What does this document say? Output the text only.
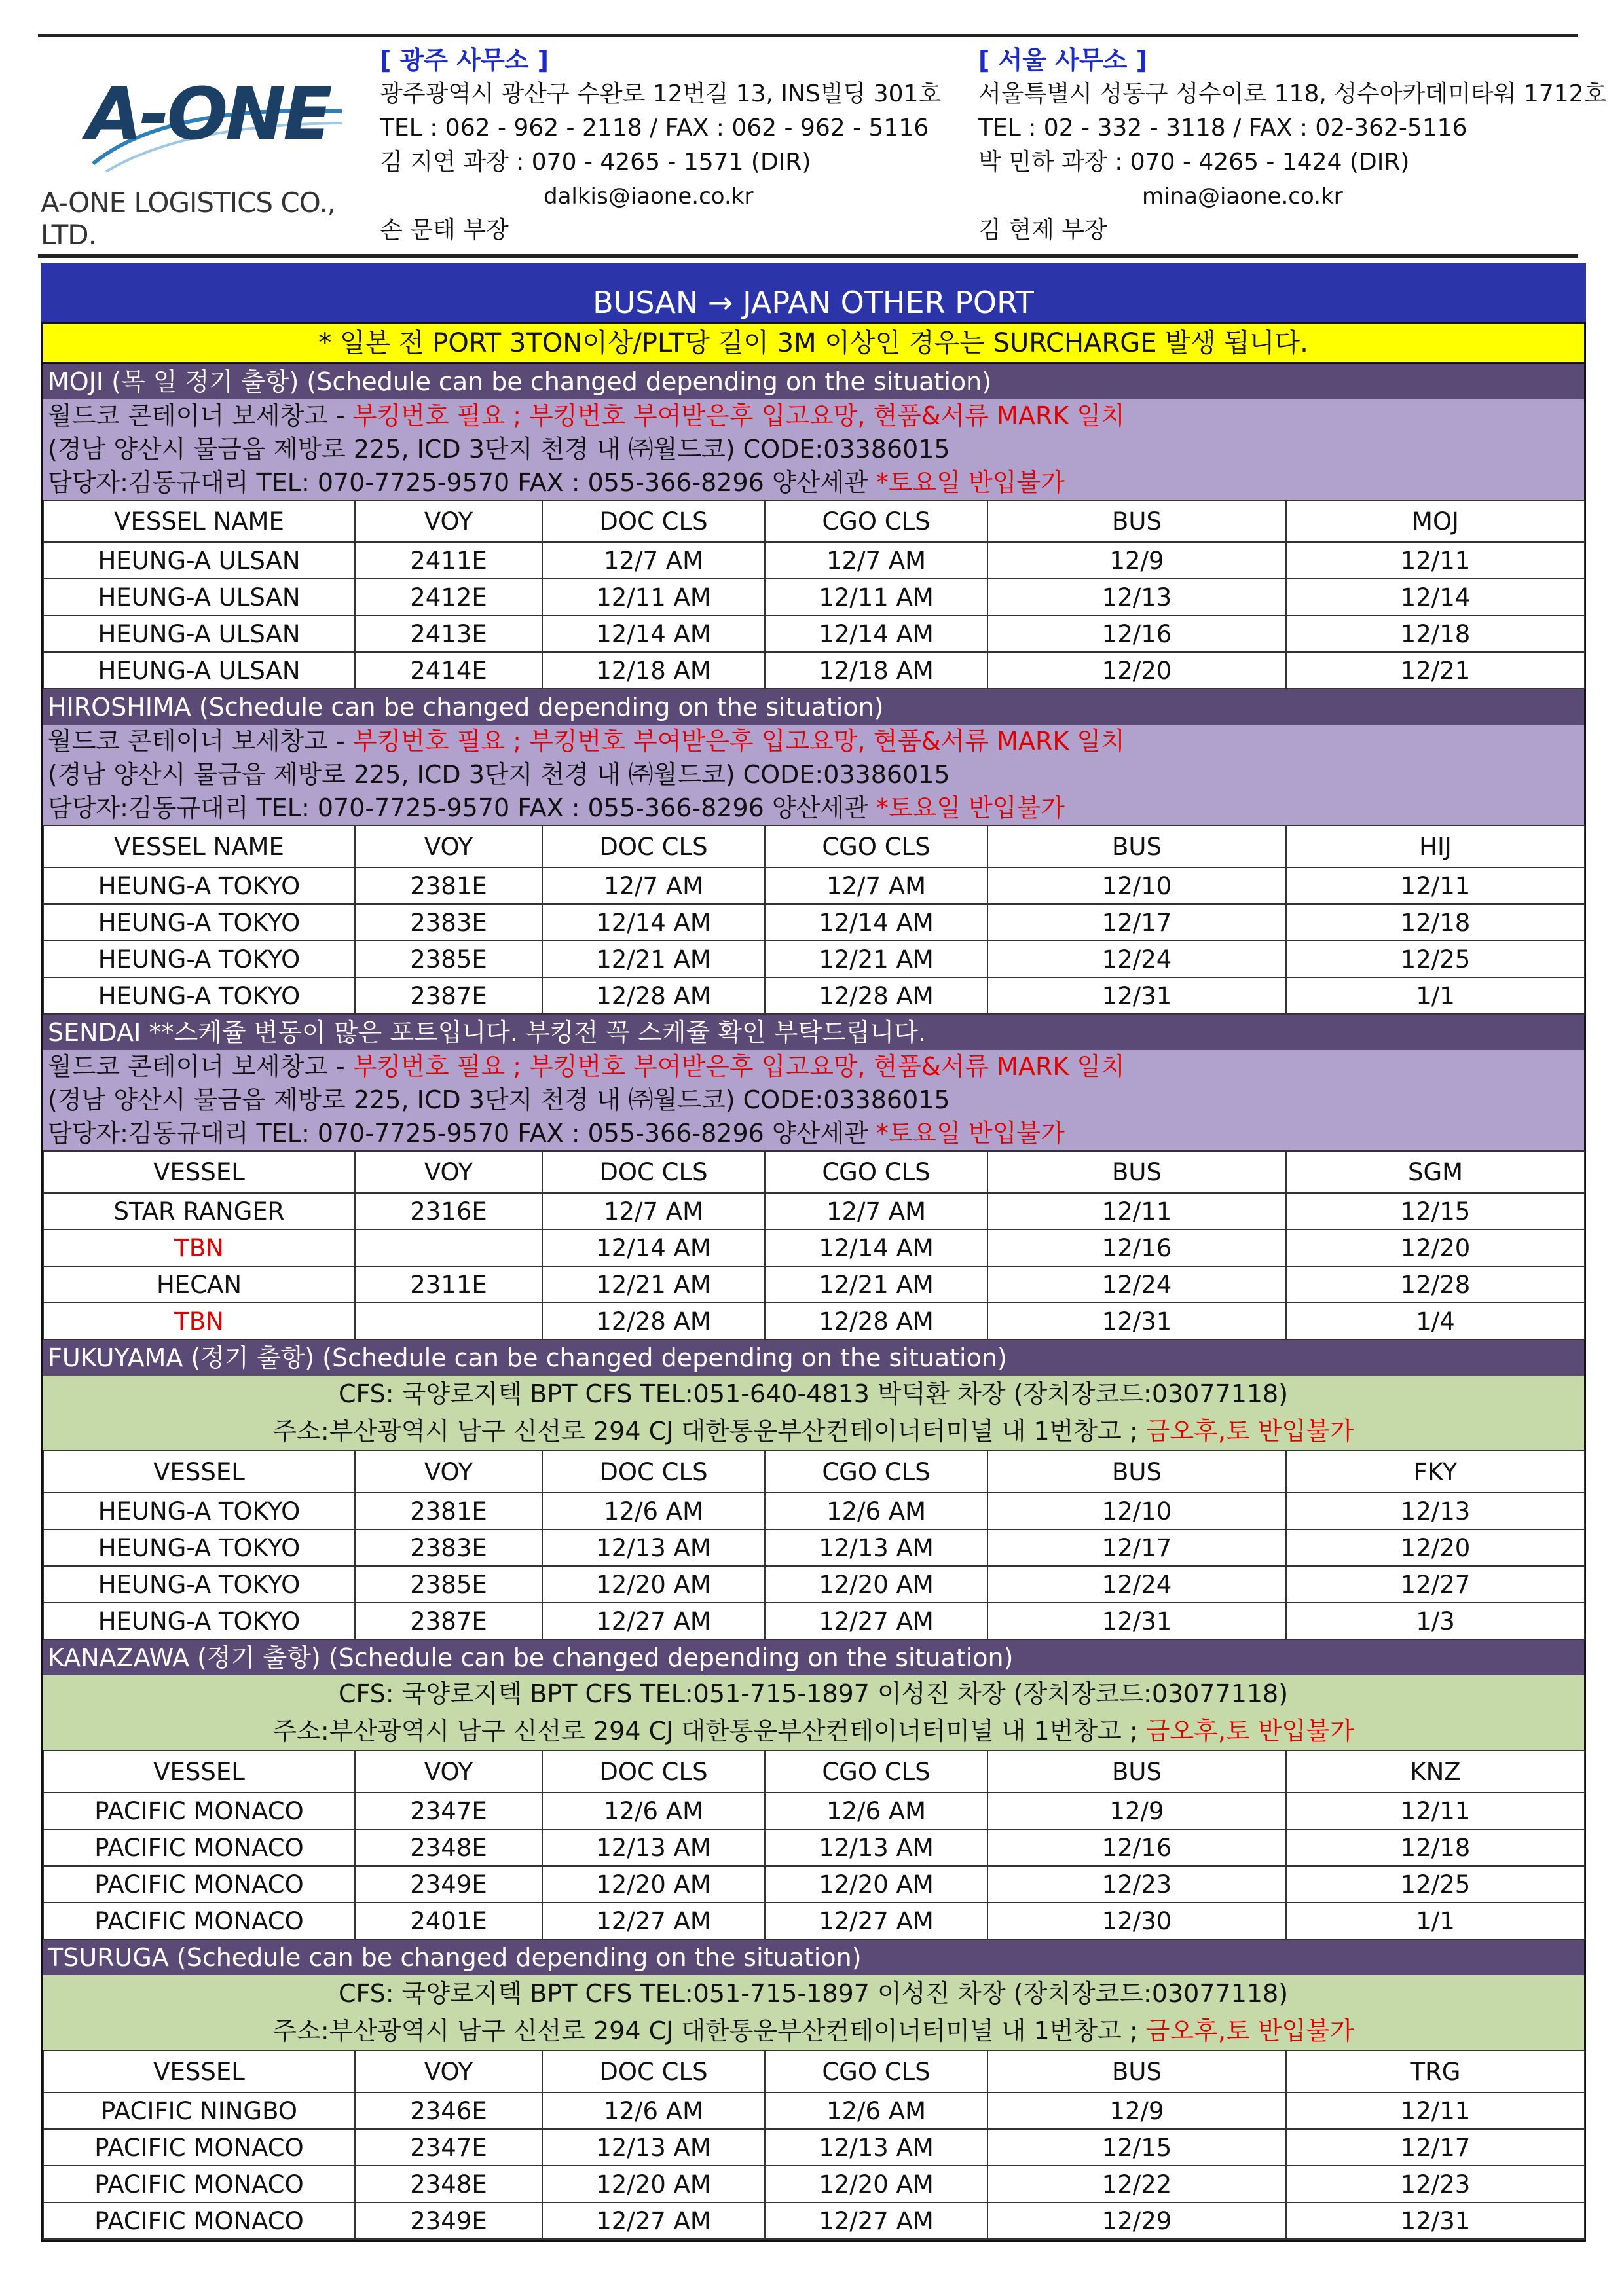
A-ONE
A-ONE LOGISTICS CO., LTD.
[ 광주 사무소 ]
광주광역시 광산구 수완로 12번길 13, INS빌딩 301호
TEL : 062 - 962 - 2118 / FAX : 062 - 962 - 5116
김 지연 과장 : 070 - 4265 - 1571 (DIR)
dalkis@iaone.co.kr
손 문태 부장
[ 서울 사무소 ]
서울특별시 성동구 성수이로 118, 성수아카데미타워 1712호
TEL : 02 - 332 - 3118 / FAX : 02-362-5116
박 민하 과장 : 070 - 4265 - 1424 (DIR)
mina@iaone.co.kr
김 현제 부장
BUSAN → JAPAN OTHER PORT
* 일본 전 PORT 3TON이상/PLT당 길이 3M 이상인 경우는 SURCHARGE 발생 됩니다.
MOJI (목 일 정기 출항) (Schedule can be changed depending on the situation)
월드코 콘테이너 보세창고 - 부킹번호 필요 ; 부킹번호 부여받은후 입고요망, 현품&서류 MARK 일치
(경남 양산시 물금읍 제방로 225, ICD 3단지 천경 내 ㈜월드코) CODE:03386015
담당자:김동규대리 TEL: 070-7725-9570 FAX : 055-366-8296 양산세관 *토요일 반입불가
VESSEL NAME	VOY	DOC CLS	CGO CLS	BUS	MOJ
HEUNG-A ULSAN	2411E	12/7 AM	12/7 AM	12/9	12/11
HEUNG-A ULSAN	2412E	12/11 AM	12/11 AM	12/13	12/14
HEUNG-A ULSAN	2413E	12/14 AM	12/14 AM	12/16	12/18
HEUNG-A ULSAN	2414E	12/18 AM	12/18 AM	12/20	12/21
HIROSHIMA (Schedule can be changed depending on the situation)
월드코 콘테이너 보세창고 - 부킹번호 필요 ; 부킹번호 부여받은후 입고요망, 현품&서류 MARK 일치
(경남 양산시 물금읍 제방로 225, ICD 3단지 천경 내 ㈜월드코) CODE:03386015
담당자:김동규대리 TEL: 070-7725-9570 FAX : 055-366-8296 양산세관 *토요일 반입불가
VESSEL NAME	VOY	DOC CLS	CGO CLS	BUS	HIJ
HEUNG-A TOKYO	2381E	12/7 AM	12/7 AM	12/10	12/11
HEUNG-A TOKYO	2383E	12/14 AM	12/14 AM	12/17	12/18
HEUNG-A TOKYO	2385E	12/21 AM	12/21 AM	12/24	12/25
HEUNG-A TOKYO	2387E	12/28 AM	12/28 AM	12/31	1/1
SENDAI **스케쥴 변동이 많은 포트입니다. 부킹전 꼭 스케쥴 확인 부탁드립니다.
월드코 콘테이너 보세창고 - 부킹번호 필요 ; 부킹번호 부여받은후 입고요망, 현품&서류 MARK 일치
(경남 양산시 물금읍 제방로 225, ICD 3단지 천경 내 ㈜월드코) CODE:03386015
담당자:김동규대리 TEL: 070-7725-9570 FAX : 055-366-8296 양산세관 *토요일 반입불가
VESSEL	VOY	DOC CLS	CGO CLS	BUS	SGM
STAR RANGER	2316E	12/7 AM	12/7 AM	12/11	12/15
TBN		12/14 AM	12/14 AM	12/16	12/20
HECAN	2311E	12/21 AM	12/21 AM	12/24	12/28
TBN		12/28 AM	12/28 AM	12/31	1/4
FUKUYAMA (정기 출항) (Schedule can be changed depending on the situation)
CFS: 국양로지텍 BPT CFS TEL:051-640-4813 박덕환 차장 (장치장코드:03077118)
주소:부산광역시 남구 신선로 294 CJ 대한통운부산컨테이너터미널 내 1번창고 ; 금오후,토 반입불가
VESSEL	VOY	DOC CLS	CGO CLS	BUS	FKY
HEUNG-A TOKYO	2381E	12/6 AM	12/6 AM	12/10	12/13
HEUNG-A TOKYO	2383E	12/13 AM	12/13 AM	12/17	12/20
HEUNG-A TOKYO	2385E	12/20 AM	12/20 AM	12/24	12/27
HEUNG-A TOKYO	2387E	12/27 AM	12/27 AM	12/31	1/3
KANAZAWA (정기 출항) (Schedule can be changed depending on the situation)
CFS: 국양로지텍 BPT CFS TEL:051-715-1897 이성진 차장 (장치장코드:03077118)
주소:부산광역시 남구 신선로 294 CJ 대한통운부산컨테이너터미널 내 1번창고 ; 금오후,토 반입불가
VESSEL	VOY	DOC CLS	CGO CLS	BUS	KNZ
PACIFIC MONACO	2347E	12/6 AM	12/6 AM	12/9	12/11
PACIFIC MONACO	2348E	12/13 AM	12/13 AM	12/16	12/18
PACIFIC MONACO	2349E	12/20 AM	12/20 AM	12/23	12/25
PACIFIC MONACO	2401E	12/27 AM	12/27 AM	12/30	1/1
TSURUGA (Schedule can be changed depending on the situation)
CFS: 국양로지텍 BPT CFS TEL:051-715-1897 이성진 차장 (장치장코드:03077118)
주소:부산광역시 남구 신선로 294 CJ 대한통운부산컨테이너터미널 내 1번창고 ; 금오후,토 반입불가
VESSEL	VOY	DOC CLS	CGO CLS	BUS	TRG
PACIFIC NINGBO	2346E	12/6 AM	12/6 AM	12/9	12/11
PACIFIC MONACO	2347E	12/13 AM	12/13 AM	12/15	12/17
PACIFIC MONACO	2348E	12/20 AM	12/20 AM	12/22	12/23
PACIFIC MONACO	2349E	12/27 AM	12/27 AM	12/29	12/31
